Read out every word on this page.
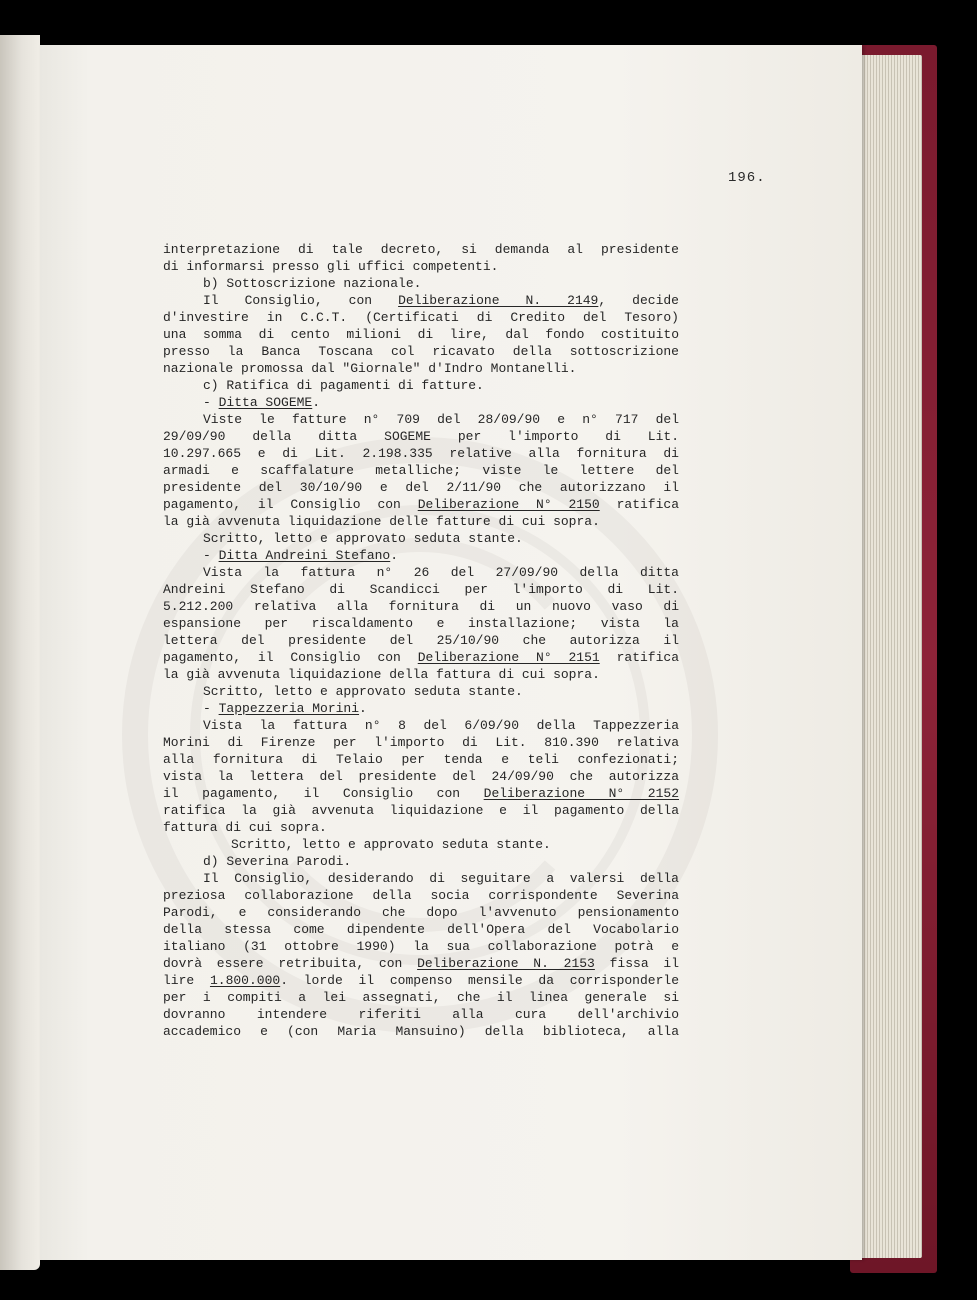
196.
interpretazione di tale decreto, si demanda al presidente
di informarsi presso gli uffici competenti.
b) Sottoscrizione nazionale.
Il Consiglio, con Deliberazione N. 2149, decide
d'investire in C.C.T. (Certificati di Credito del Tesoro)
una somma di cento milioni di lire, dal fondo costituito
presso la Banca Toscana col ricavato della sottoscrizione
nazionale promossa dal "Giornale" d'Indro Montanelli.
c) Ratifica di pagamenti di fatture.
- Ditta SOGEME.
Viste le fatture n° 709 del 28/09/90 e n° 717 del
29/09/90 della ditta SOGEME per l'importo di Lit.
10.297.665 e di Lit. 2.198.335 relative alla fornitura di
armadi e scaffalature metalliche; viste le lettere del
presidente del 30/10/90 e del 2/11/90 che autorizzano il
pagamento, il Consiglio con Deliberazione N° 2150 ratifica
la già avvenuta liquidazione delle fatture di cui sopra.
Scritto, letto e approvato seduta stante.
- Ditta Andreini Stefano.
Vista la fattura n° 26 del 27/09/90 della ditta
Andreini Stefano di Scandicci per l'importo di Lit.
5.212.200 relativa alla fornitura di un nuovo vaso di
espansione per riscaldamento e installazione; vista la
lettera del presidente del 25/10/90 che autorizza il
pagamento, il Consiglio con Deliberazione N° 2151 ratifica
la già avvenuta liquidazione della fattura di cui sopra.
Scritto, letto e approvato seduta stante.
- Tappezzeria Morini.
Vista la fattura n° 8 del 6/09/90 della Tappezzeria
Morini di Firenze per l'importo di Lit. 810.390 relativa
alla fornitura di Telaio per tenda e teli confezionati;
vista la lettera del presidente del 24/09/90 che autorizza
il pagamento, il Consiglio con Deliberazione N° 2152
ratifica la già avvenuta liquidazione e il pagamento della
fattura di cui sopra.
Scritto, letto e approvato seduta stante.
d) Severina Parodi.
Il Consiglio, desiderando di seguitare a valersi della
preziosa collaborazione della socia corrispondente Severina
Parodi, e considerando che dopo l'avvenuto pensionamento
della stessa come dipendente dell'Opera del Vocabolario
italiano (31 ottobre 1990) la sua collaborazione potrà e
dovrà essere retribuita, con Deliberazione N. 2153 fissa il
lire 1.800.000. lorde il compenso mensile da corrisponderle
per i compiti a lei assegnati, che il linea generale si
dovranno intendere riferiti alla cura dell'archivio
accademico e (con Maria Mansuino) della biblioteca, alla
